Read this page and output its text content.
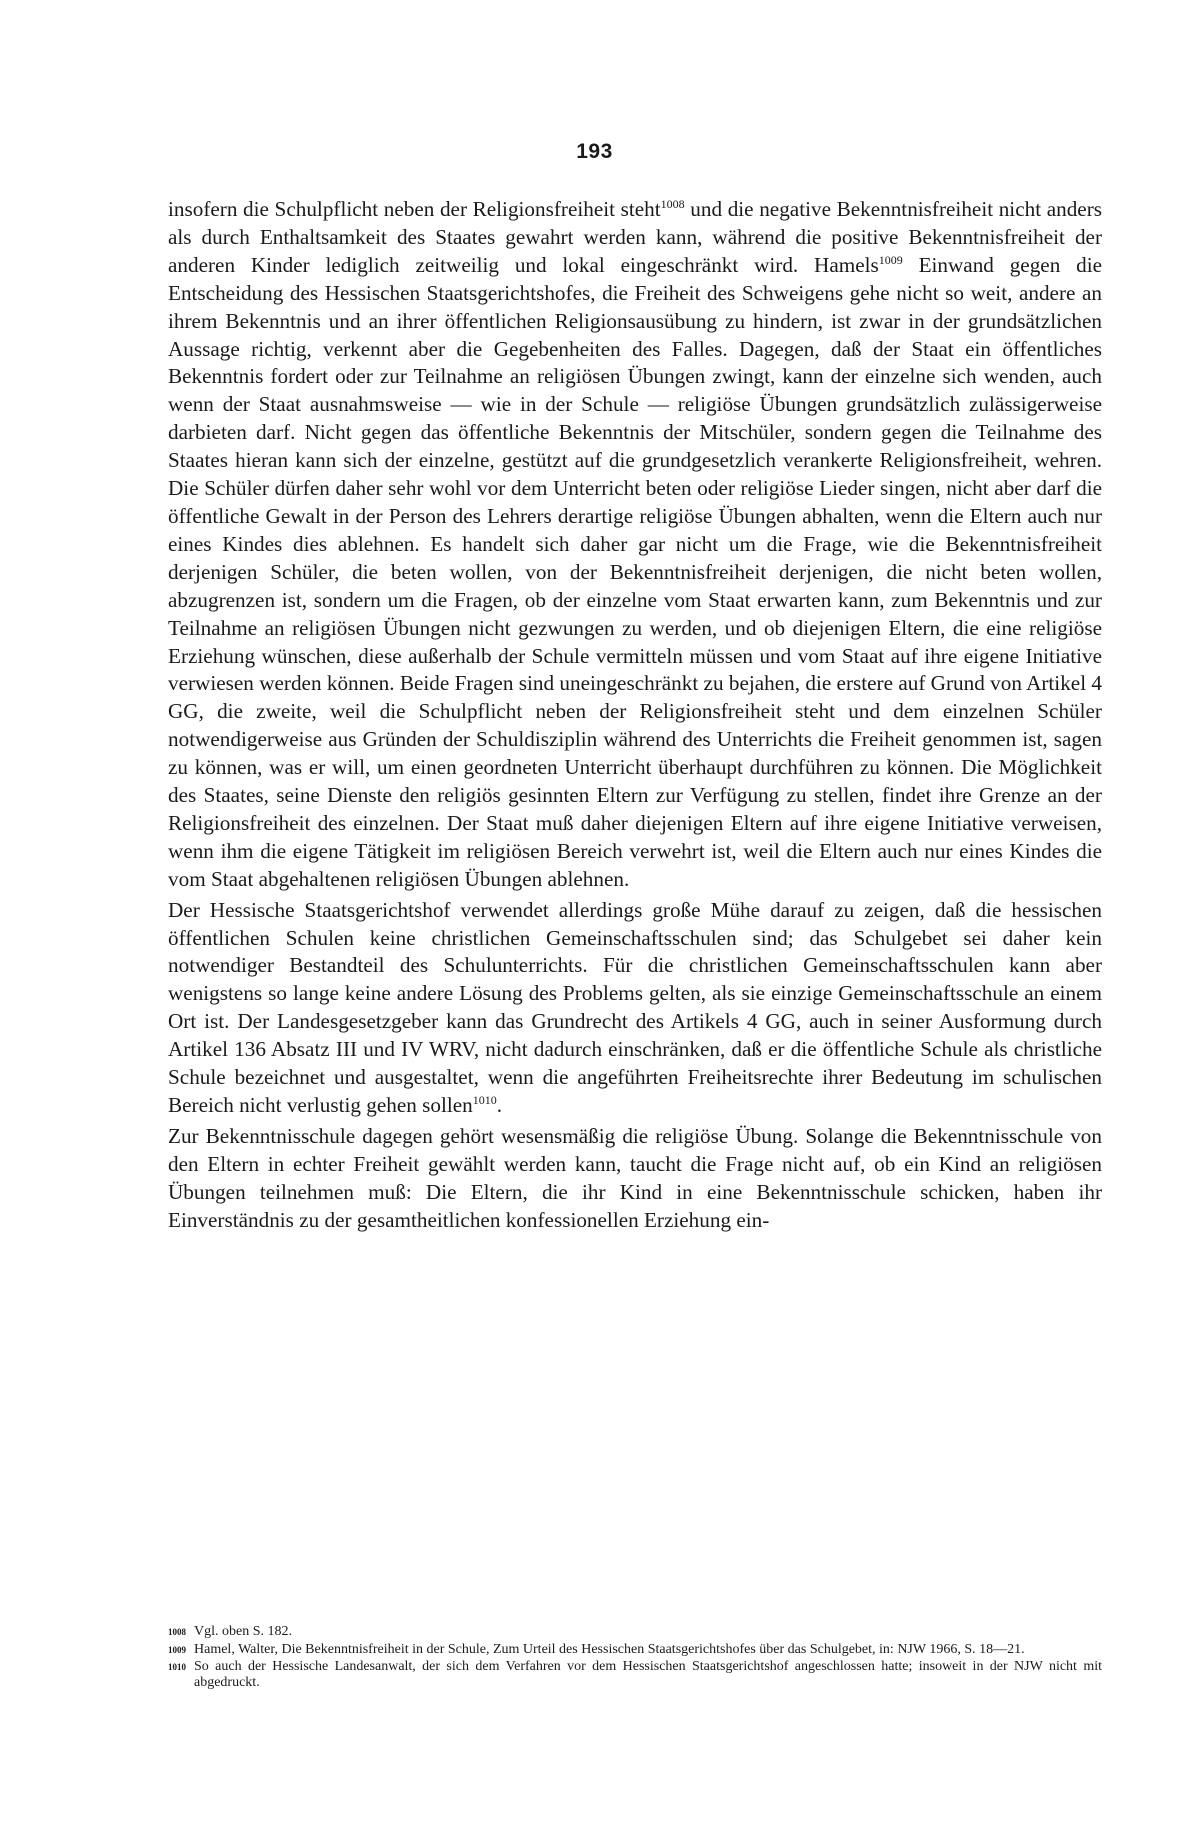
193

insofern die Schulpflicht neben der Religionsfreiheit steht$^{1008}$ und die negative Bekenntnisfreiheit nicht anders als durch Enthaltsamkeit des Staates gewahrt werden kann, während die positive Bekenntnisfreiheit der anderen Kinder lediglich zeitweilig und lokal eingeschränkt wird. Hamels$^{1009}$ Einwand gegen die Entscheidung des Hessischen Staatsgerichtshofes, die Freiheit des Schweigens gehe nicht so weit, andere an ihrem Bekenntnis und an ihrer öffentlichen Religionsausübung zu hindern, ist zwar in der grundsätzlichen Aussage richtig, verkennt aber die Gegebenheiten des Falles. Dagegen, daß der Staat ein öffentliches Bekenntnis fordert oder zur Teilnahme an religiösen Übungen zwingt, kann der einzelne sich wenden, auch wenn der Staat ausnahmsweise — wie in der Schule — religiöse Übungen grundsätzlich zulässigerweise darbieten darf. Nicht gegen das öffentliche Bekenntnis der Mitschüler, sondern gegen die Teilnahme des Staates hieran kann sich der einzelne, gestützt auf die grundgesetzlich verankerte Religionsfreiheit, wehren. Die Schüler dürfen daher sehr wohl vor dem Unterricht beten oder religiöse Lieder singen, nicht aber darf die öffentliche Gewalt in der Person des Lehrers derartige religiöse Übungen abhalten, wenn die Eltern auch nur eines Kindes dies ablehnen. Es handelt sich daher gar nicht um die Frage, wie die Bekenntnisfreiheit derjenigen Schüler, die beten wollen, von der Bekenntnisfreiheit derjenigen, die nicht beten wollen, abzugrenzen ist, sondern um die Fragen, ob der einzelne vom Staat erwarten kann, zum Bekenntnis und zur Teilnahme an religiösen Übungen nicht gezwungen zu werden, und ob diejenigen Eltern, die eine religiöse Erziehung wünschen, diese außerhalb der Schule vermitteln müssen und vom Staat auf ihre eigene Initiative verwiesen werden können. Beide Fragen sind uneingeschränkt zu bejahen, die erstere auf Grund von Artikel 4 GG, die zweite, weil die Schulpflicht neben der Religionsfreiheit steht und dem einzelnen Schüler notwendigerweise aus Gründen der Schuldisziplin während des Unterrichts die Freiheit genommen ist, sagen zu können, was er will, um einen geordneten Unterricht überhaupt durchführen zu können. Die Möglichkeit des Staates, seine Dienste den religiös gesinnten Eltern zur Verfügung zu stellen, findet ihre Grenze an der Religionsfreiheit des einzelnen. Der Staat muß daher diejenigen Eltern auf ihre eigene Initiative verweisen, wenn ihm die eigene Tätigkeit im religiösen Bereich verwehrt ist, weil die Eltern auch nur eines Kindes die vom Staat abgehaltenen religiösen Übungen ablehnen.

Der Hessische Staatsgerichtshof verwendet allerdings große Mühe darauf zu zeigen, daß die hessischen öffentlichen Schulen keine christlichen Gemeinschaftsschulen sind; das Schulgebet sei daher kein notwendiger Bestandteil des Schulunterrichts. Für die christlichen Gemeinschaftsschulen kann aber wenigstens so lange keine andere Lösung des Problems gelten, als sie einzige Gemeinschaftsschule an einem Ort ist. Der Landesgesetzgeber kann das Grundrecht des Artikels 4 GG, auch in seiner Ausformung durch Artikel 136 Absatz III und IV WRV, nicht dadurch einschränken, daß er die öffentliche Schule als christliche Schule bezeichnet und ausgestaltet, wenn die angeführten Freiheitsrechte ihrer Bedeutung im schulischen Bereich nicht verlustig gehen sollen$^{1010}$.

Zur Bekenntnisschule dagegen gehört wesensmäßig die religiöse Übung. Solange die Bekenntnisschule von den Eltern in echter Freiheit gewählt werden kann, taucht die Frage nicht auf, ob ein Kind an religiösen Übungen teilnehmen muß: Die Eltern, die ihr Kind in eine Bekenntnisschule schicken, haben ihr Einverständnis zu der gesamtheitlichen konfessionellen Erziehung ein-

1008 Vgl. oben S. 182.
1009 Hamel, Walter, Die Bekenntnisfreiheit in der Schule, Zum Urteil des Hessischen Staatsgerichtshofes über das Schulgebet, in: NJW 1966, S. 18—21.
1010 So auch der Hessische Landesanwalt, der sich dem Verfahren vor dem Hessischen Staatsgerichtshof angeschlossen hatte; insoweit in der NJW nicht mit abgedruckt.
